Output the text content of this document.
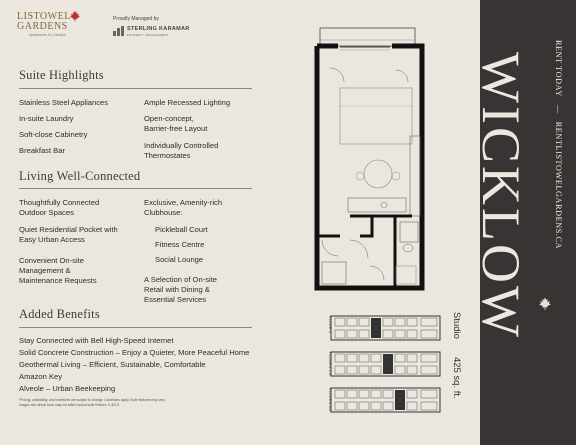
LISTOWEL
GARDENS
Apartments for Lifestyle
Proudly Managed by
STERLING KARAMAR
PROPERTY MANAGEMENT
Suite Highlights
Stainless Steel Appliances
In-suite Laundry
Soft-close Cabinetry
Breakfast Bar
Ample Recessed Lighting
Open-concept,
Barrier-free Layout
Individually Controlled
Thermostates
Living Well-Connected
Thoughtfully Connected
Outdoor Spaces
Quiet Residential Pocket with
Easy Urban Access
Convenient On-site
Management &
Maintenance Requests
Exclusive, Amenity-rich
Clubhouse:
Pickleball Court
Fitness Centre
Social Lounge
A Selection of On-site
Retail with Dining &
Essential Services
Added Benefits
Stay Connected with Bell High-Speed Internet
Solid Concrete Construction – Enjoy a Quieter, More Peaceful Home
Geothermal Living – Efficient, Sustainable, Comfortable
Amazon Key
Alveole – Urban Beekeeping
*Pricing, availability, and incentives are subject to change. Conditions apply. Suite features may vary.
Images and virtual tours may not reflect actual suite finishes. E.&O.E.
FLOOR 1
FLOORS 2-3
FLOORS 4-6
Studio425 sq. ft.
RENT TODAY—RENTLISTOWELGARDENS.CA
WICKLOW
